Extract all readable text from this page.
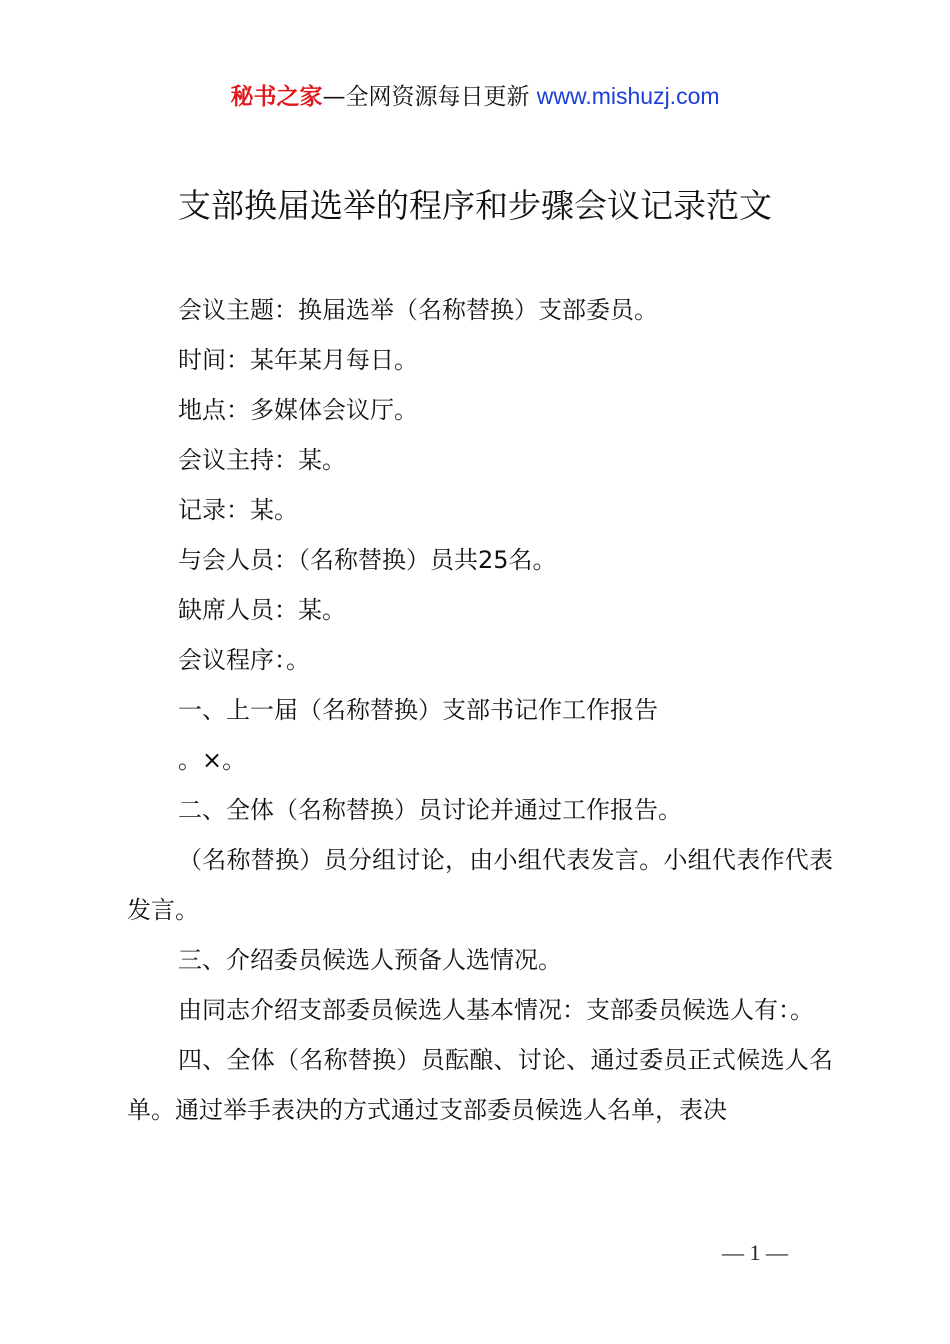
秘书之家—全网资源每日更新 www.mishuzj.com
支部换届选举的程序和步骤会议记录范文

会议主题：换届选举（名称替换）支部委员。

时间：某年某月每日。

地点：多媒体会议厅。

会议主持：某。

记录：某。

与会人员：（名称替换）员共25名。

缺席人员：某。

会议程序：。

一、上一届（名称替换）支部书记作工作报告

。×。

二、全体（名称替换）员讨论并通过工作报告。

（名称替换）员分组讨论，由小组代表发言。小组代表作代表发言。

三、介绍委员候选人预备人选情况。

由同志介绍支部委员候选人基本情况：支部委员候选人有：。

四、全体（名称替换）员酝酿、讨论、通过委员正式候选人名单。通过举手表决的方式通过支部委员候选人名单，表决

— 1 —
